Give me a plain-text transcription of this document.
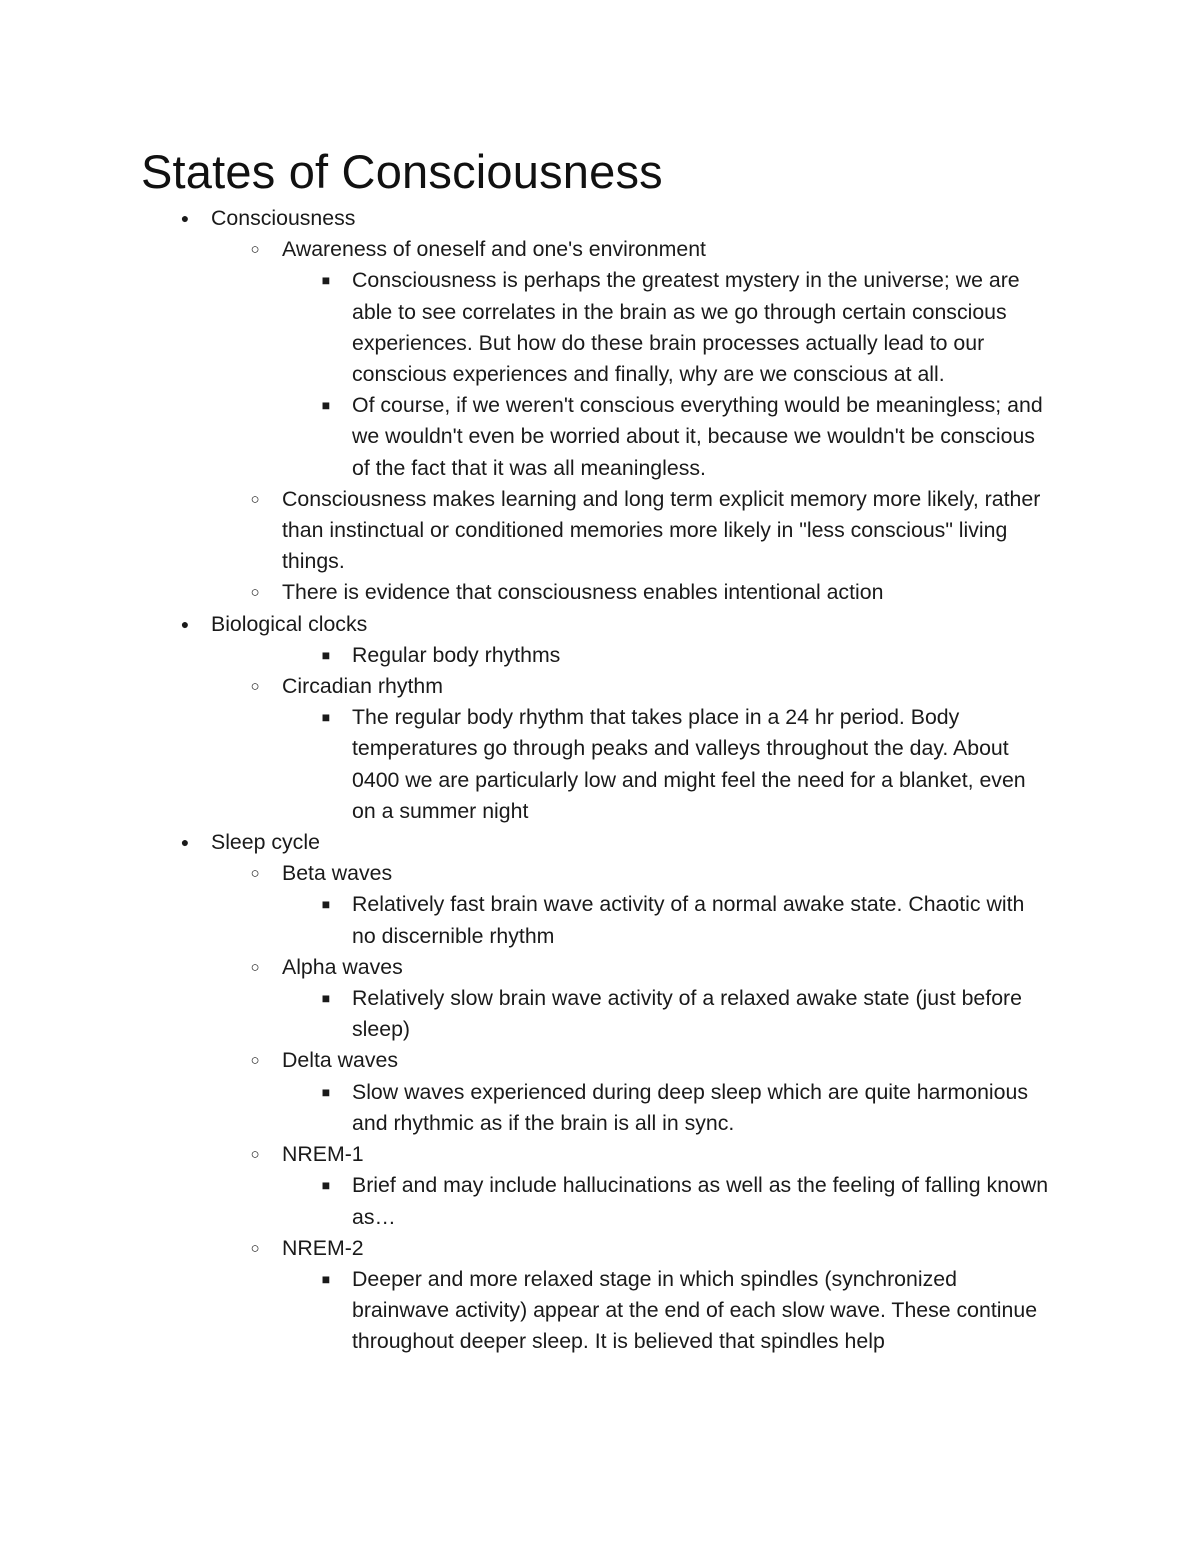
States of Consciousness
● Consciousness
○ Awareness of oneself and one's environment
■ Consciousness is perhaps the greatest mystery in the universe; we are able to see correlates in the brain as we go through certain conscious experiences. But how do these brain processes actually lead to our conscious experiences and finally, why are we conscious at all.
■ Of course, if we weren't conscious everything would be meaningless; and we wouldn't even be worried about it, because we wouldn't be conscious of the fact that it was all meaningless.
○ Consciousness makes learning and long term explicit memory more likely, rather than instinctual or conditioned memories more likely in "less conscious" living things.
○ There is evidence that consciousness enables intentional action
● Biological clocks
■ Regular body rhythms
○ Circadian rhythm
■ The regular body rhythm that takes place in a 24 hr period. Body temperatures go through peaks and valleys throughout the day. About 0400 we are particularly low and might feel the need for a blanket, even on a summer night
● Sleep cycle
○ Beta waves
■ Relatively fast brain wave activity of a normal awake state. Chaotic with no discernible rhythm
○ Alpha waves
■ Relatively slow brain wave activity of a relaxed awake state (just before sleep)
○ Delta waves
■ Slow waves experienced during deep sleep which are quite harmonious and rhythmic as if the brain is all in sync.
○ NREM-1
■ Brief and may include hallucinations as well as the feeling of falling known as…
○ NREM-2
■ Deeper and more relaxed stage in which spindles (synchronized brainwave activity) appear at the end of each slow wave. These continue throughout deeper sleep. It is believed that spindles help
